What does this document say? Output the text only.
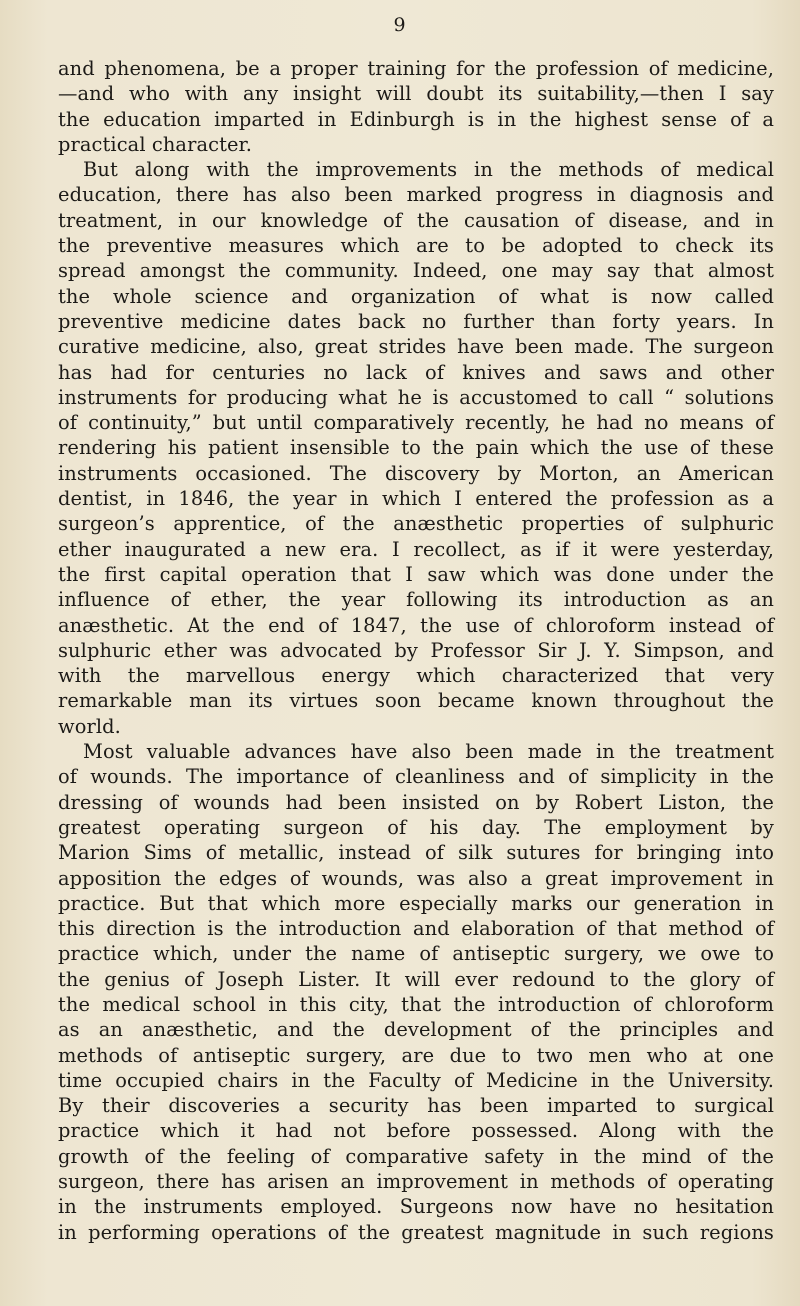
9
and phenomena, be a proper training for the profession of medicine,
—and who with any insight will doubt its suitability,—then I say
the education imparted in Edinburgh is in the highest sense of a
practical character.
But along with the improvements in the methods of medical
education, there has also been marked progress in diagnosis and
treatment, in our knowledge of the causation of disease, and in
the preventive measures which are to be adopted to check its
spread amongst the community. Indeed, one may say that almost
the whole science and organization of what is now called
preventive medicine dates back no further than forty years. In
curative medicine, also, great strides have been made. The surgeon
has had for centuries no lack of knives and saws and other
instruments for producing what he is accustomed to call “ solutions
of continuity,” but until comparatively recently, he had no means of
rendering his patient insensible to the pain which the use of these
instruments occasioned. The discovery by Morton, an American
dentist, in 1846, the year in which I entered the profession as a
surgeon’s apprentice, of the anæsthetic properties of sulphuric
ether inaugurated a new era. I recollect, as if it were yesterday,
the first capital operation that I saw which was done under the
influence of ether, the year following its introduction as an
anæsthetic. At the end of 1847, the use of chloroform instead of
sulphuric ether was advocated by Professor Sir J. Y. Simpson, and
with the marvellous energy which characterized that very
remarkable man its virtues soon became known throughout the
world.
Most valuable advances have also been made in the treatment
of wounds. The importance of cleanliness and of simplicity in the
dressing of wounds had been insisted on by Robert Liston, the
greatest operating surgeon of his day. The employment by
Marion Sims of metallic, instead of silk sutures for bringing into
apposition the edges of wounds, was also a great improvement in
practice. But that which more especially marks our generation in
this direction is the introduction and elaboration of that method of
practice which, under the name of antiseptic surgery, we owe to
the genius of Joseph Lister. It will ever redound to the glory of
the medical school in this city, that the introduction of chloroform
as an anæsthetic, and the development of the principles and
methods of antiseptic surgery, are due to two men who at one
time occupied chairs in the Faculty of Medicine in the University.
By their discoveries a security has been imparted to surgical
practice which it had not before possessed. Along with the
growth of the feeling of comparative safety in the mind of the
surgeon, there has arisen an improvement in methods of operating
in the instruments employed. Surgeons now have no hesitation
in performing operations of the greatest magnitude in such regions
